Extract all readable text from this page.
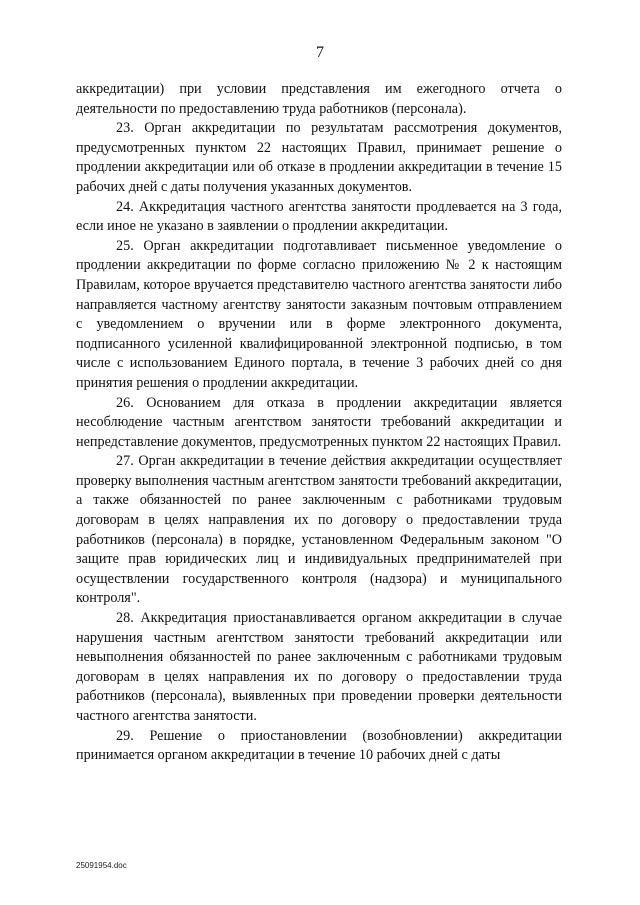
7

аккредитации) при условии представления им ежегодного отчета о деятельности по предоставлению труда работников (персонала).

23. Орган аккредитации по результатам рассмотрения документов, предусмотренных пунктом 22 настоящих Правил, принимает решение о продлении аккредитации или об отказе в продлении аккредитации в течение 15 рабочих дней с даты получения указанных документов.

24. Аккредитация частного агентства занятости продлевается на 3 года, если иное не указано в заявлении о продлении аккредитации.

25. Орган аккредитации подготавливает письменное уведомление о продлении аккредитации по форме согласно приложению № 2 к настоящим Правилам, которое вручается представителю частного агентства занятости либо направляется частному агентству занятости заказным почтовым отправлением с уведомлением о вручении или в форме электронного документа, подписанного усиленной квалифицированной электронной подписью, в том числе с использованием Единого портала, в течение 3 рабочих дней со дня принятия решения о продлении аккредитации.

26. Основанием для отказа в продлении аккредитации является несоблюдение частным агентством занятости требований аккредитации и непредставление документов, предусмотренных пунктом 22 настоящих Правил.

27. Орган аккредитации в течение действия аккредитации осуществляет проверку выполнения частным агентством занятости требований аккредитации, а также обязанностей по ранее заключенным с работниками трудовым договорам в целях направления их по договору о предоставлении труда работников (персонала) в порядке, установленном Федеральным законом "О защите прав юридических лиц и индивидуальных предпринимателей при осуществлении государственного контроля (надзора) и муниципального контроля".

28. Аккредитация приостанавливается органом аккредитации в случае нарушения частным агентством занятости требований аккредитации или невыполнения обязанностей по ранее заключенным с работниками трудовым договорам в целях направления их по договору о предоставлении труда работников (персонала), выявленных при проведении проверки деятельности частного агентства занятости.

29. Решение о приостановлении (возобновлении) аккредитации принимается органом аккредитации в течение 10 рабочих дней с даты

25091954.doc
